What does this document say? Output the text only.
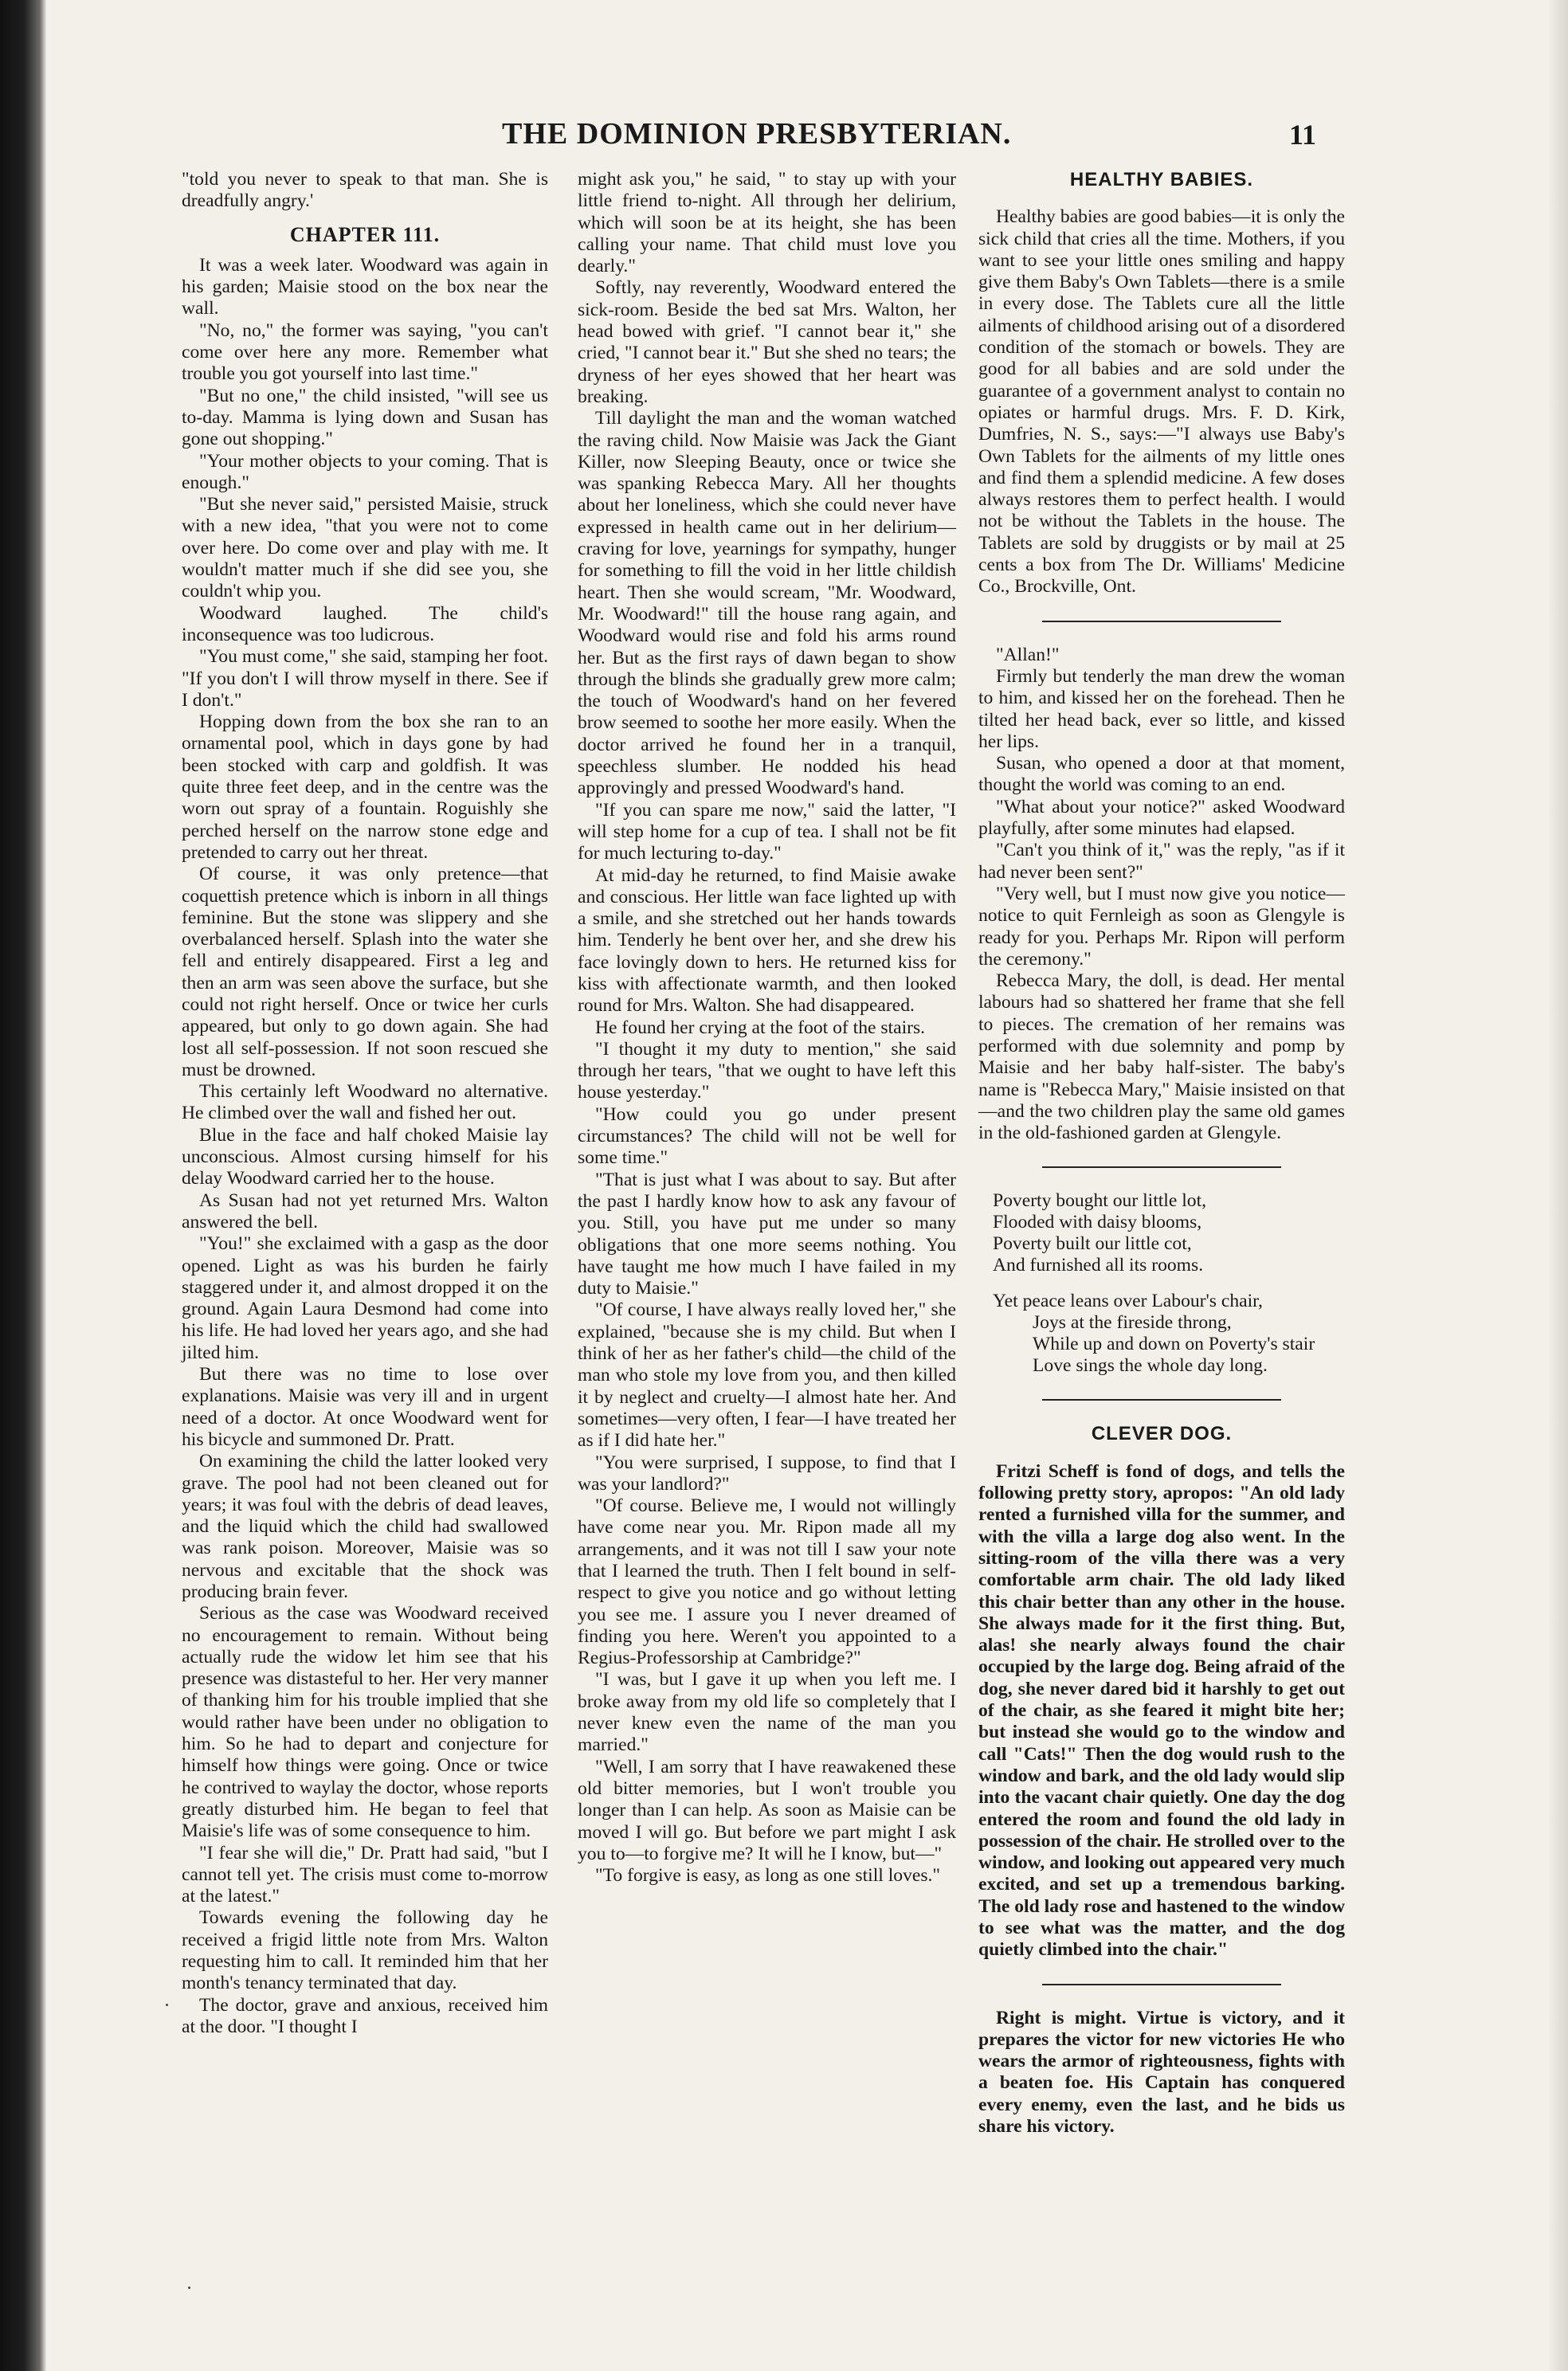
THE DOMINION PRESBYTERIAN.	11

"told you never to speak to that man. She is dreadfully angry.'

CHAPTER 111.

It was a week later. Woodward was again in his garden; Maisie stood on the box near the wall.

"No, no," the former was saying, "you can't come over here any more. Remember what trouble you got yourself into last time."

"But no one," the child insisted, "will see us to-day. Mamma is lying down and Susan has gone out shopping."

"Your mother objects to your coming. That is enough."

"But she never said," persisted Maisie, struck with a new idea, "that you were not to come over here. Do come over and play with me. It wouldn't matter much if she did see you, she couldn't whip you.

Woodward laughed. The child's inconsequence was too ludicrous.

"You must come," she said, stamping her foot. "If you don't I will throw myself in there. See if I don't."

Hopping down from the box she ran to an ornamental pool, which in days gone by had been stocked with carp and goldfish. It was quite three feet deep, and in the centre was the worn out spray of a fountain. Roguishly she perched herself on the narrow stone edge and pretended to carry out her threat.

Of course, it was only pretence—that coquettish pretence which is inborn in all things feminine. But the stone was slippery and she overbalanced herself. Splash into the water she fell and entirely disappeared. First a leg and then an arm was seen above the surface, but she could not right herself. Once or twice her curls appeared, but only to go down again. She had lost all self-possession. If not soon rescued she must be drowned.

This certainly left Woodward no alternative. He climbed over the wall and fished her out.

Blue in the face and half choked Maisie lay unconscious. Almost cursing himself for his delay Woodward carried her to the house.

As Susan had not yet returned Mrs. Walton answered the bell.

"You!" she exclaimed with a gasp as the door opened. Light as was his burden he fairly staggered under it, and almost dropped it on the ground. Again Laura Desmond had come into his life. He had loved her years ago, and she had jilted him.

But there was no time to lose over explanations. Maisie was very ill and in urgent need of a doctor. At once Woodward went for his bicycle and summoned Dr. Pratt.

On examining the child the latter looked very grave. The pool had not been cleaned out for years; it was foul with the debris of dead leaves, and the liquid which the child had swallowed was rank poison. Moreover, Maisie was so nervous and excitable that the shock was producing brain fever.

Serious as the case was Woodward received no encouragement to remain. Without being actually rude the widow let him see that his presence was distasteful to her. Her very manner of thanking him for his trouble implied that she would rather have been under no obligation to him. So he had to depart and conjecture for himself how things were going. Once or twice he contrived to waylay the doctor, whose reports greatly disturbed him. He began to feel that Maisie's life was of some consequence to him.

"I fear she will die," Dr. Pratt had said, "but I cannot tell yet. The crisis must come to-morrow at the latest."

Towards evening the following day he received a frigid little note from Mrs. Walton requesting him to call. It reminded him that her month's tenancy terminated that day.

The doctor, grave and anxious, received him at the door. "I thought I

might ask you," he said, " to stay up with your little friend to-night. All through her delirium, which will soon be at its height, she has been calling your name. That child must love you dearly."

Softly, nay reverently, Woodward entered the sick-room. Beside the bed sat Mrs. Walton, her head bowed with grief. "I cannot bear it," she cried, "I cannot bear it." But she shed no tears; the dryness of her eyes showed that her heart was breaking.

Till daylight the man and the woman watched the raving child. Now Maisie was Jack the Giant Killer, now Sleeping Beauty, once or twice she was spanking Rebecca Mary. All her thoughts about her loneliness, which she could never have expressed in health came out in her delirium—craving for love, yearnings for sympathy, hunger for something to fill the void in her little childish heart. Then she would scream, "Mr. Woodward, Mr. Woodward!" till the house rang again, and Woodward would rise and fold his arms round her. But as the first rays of dawn began to show through the blinds she gradually grew more calm; the touch of Woodward's hand on her fevered brow seemed to soothe her more easily. When the doctor arrived he found her in a tranquil, speechless slumber. He nodded his head approvingly and pressed Woodward's hand.

"If you can spare me now," said the latter, "I will step home for a cup of tea. I shall not be fit for much lecturing to-day."

At mid-day he returned, to find Maisie awake and conscious. Her little wan face lighted up with a smile, and she stretched out her hands towards him. Tenderly he bent over her, and she drew his face lovingly down to hers. He returned kiss for kiss with affectionate warmth, and then looked round for Mrs. Walton. She had disappeared.

He found her crying at the foot of the stairs.

"I thought it my duty to mention," she said through her tears, "that we ought to have left this house yesterday."

"How could you go under present circumstances? The child will not be well for some time."

"That is just what I was about to say. But after the past I hardly know how to ask any favour of you. Still, you have put me under so many obligations that one more seems nothing. You have taught me how much I have failed in my duty to Maisie."

"Of course, I have always really loved her," she explained, "because she is my child. But when I think of her as her father's child—the child of the man who stole my love from you, and then killed it by neglect and cruelty—I almost hate her. And sometimes—very often, I fear—I have treated her as if I did hate her."

"You were surprised, I suppose, to find that I was your landlord?"

"Of course. Believe me, I would not willingly have come near you. Mr. Ripon made all my arrangements, and it was not till I saw your note that I learned the truth. Then I felt bound in self-respect to give you notice and go without letting you see me. I assure you I never dreamed of finding you here. Weren't you appointed to a Regius-Professorship at Cambridge?"

"I was, but I gave it up when you left me. I broke away from my old life so completely that I never knew even the name of the man you married."

"Well, I am sorry that I have reawakened these old bitter memories, but I won't trouble you longer than I can help. As soon as Maisie can be moved I will go. But before we part might I ask you to—to forgive me? It will he I know, but—"

"To forgive is easy, as long as one still loves."

HEALTHY BABIES.

Healthy babies are good babies—it is only the sick child that cries all the time. Mothers, if you want to see your little ones smiling and happy give them Baby's Own Tablets—there is a smile in every dose. The Tablets cure all the little ailments of childhood arising out of a disordered condition of the stomach or bowels. They are good for all babies and are sold under the guarantee of a government analyst to contain no opiates or harmful drugs. Mrs. F. D. Kirk, Dumfries, N. S., says:—"I always use Baby's Own Tablets for the ailments of my little ones and find them a splendid medicine. A few doses always restores them to perfect health. I would not be without the Tablets in the house. The Tablets are sold by druggists or by mail at 25 cents a box from The Dr. Williams' Medicine Co., Brockville, Ont.

"Allan!"

Firmly but tenderly the man drew the woman to him, and kissed her on the forehead. Then he tilted her head back, ever so little, and kissed her lips.

Susan, who opened a door at that moment, thought the world was coming to an end.

"What about your notice?" asked Woodward playfully, after some minutes had elapsed.

"Can't you think of it," was the reply, "as if it had never been sent?"

"Very well, but I must now give you notice—notice to quit Fernleigh as soon as Glengyle is ready for you. Perhaps Mr. Ripon will perform the ceremony."

Rebecca Mary, the doll, is dead. Her mental labours had so shattered her frame that she fell to pieces. The cremation of her remains was performed with due solemnity and pomp by Maisie and her baby half-sister. The baby's name is "Rebecca Mary," Maisie insisted on that—and the two children play the same old games in the old-fashioned garden at Glengyle.

Poverty bought our little lot,
Flooded with daisy blooms,
Poverty built our little cot,
And furnished all its rooms.
Yet peace leans over Labour's chair,
Joys at the fireside throng,
While up and down on Poverty's stair
Love sings the whole day long.
CLEVER DOG.

Fritzi Scheff is fond of dogs, and tells the following pretty story, apropos: "An old lady rented a furnished villa for the summer, and with the villa a large dog also went. In the sitting-room of the villa there was a very comfortable arm chair. The old lady liked this chair better than any other in the house. She always made for it the first thing. But, alas! she nearly always found the chair occupied by the large dog. Being afraid of the dog, she never dared bid it harshly to get out of the chair, as she feared it might bite her; but instead she would go to the window and call "Cats!" Then the dog would rush to the window and bark, and the old lady would slip into the vacant chair quietly. One day the dog entered the room and found the old lady in possession of the chair. He strolled over to the window, and looking out appeared very much excited, and set up a tremendous barking. The old lady rose and hastened to the window to see what was the matter, and the dog quietly climbed into the chair."

Right is might. Virtue is victory, and it prepares the victor for new victories He who wears the armor of righteousness, fights with a beaten foe. His Captain has conquered every enemy, even the last, and he bids us share his victory.
